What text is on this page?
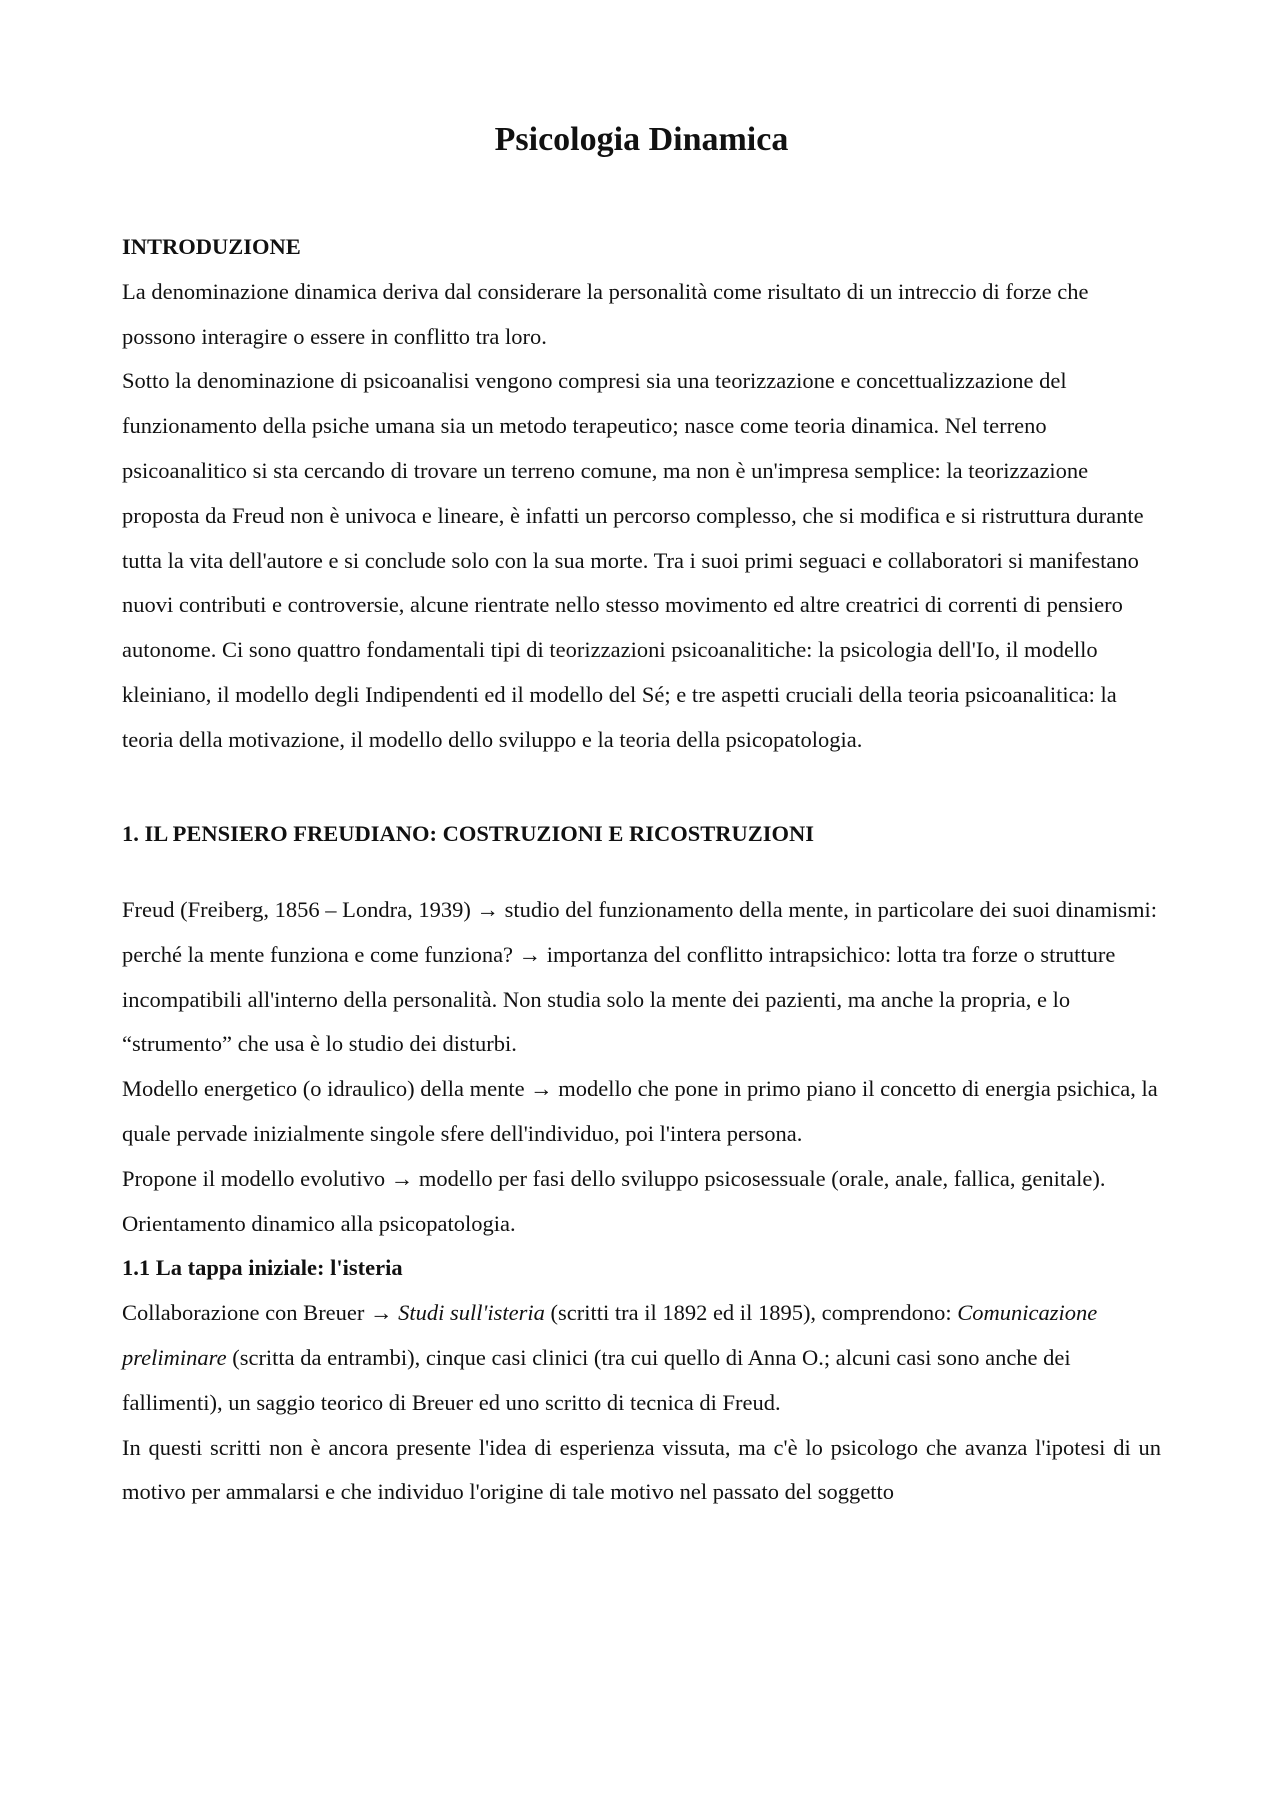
Psicologia Dinamica

INTRODUZIONE

La denominazione dinamica deriva dal considerare la personalità come risultato di un intreccio di forze che possono interagire o essere in conflitto tra loro.

Sotto la denominazione di psicoanalisi vengono compresi sia una teorizzazione e concettualizzazione del funzionamento della psiche umana sia un metodo terapeutico; nasce come teoria dinamica. Nel terreno psicoanalitico si sta cercando di trovare un terreno comune, ma non è un'impresa semplice: la teorizzazione proposta da Freud non è univoca e lineare, è infatti un percorso complesso, che si modifica e si ristruttura durante tutta la vita dell'autore e si conclude solo con la sua morte. Tra i suoi primi seguaci e collaboratori si manifestano nuovi contributi e controversie, alcune rientrate nello stesso movimento ed altre creatrici di correnti di pensiero autonome. Ci sono quattro fondamentali tipi di teorizzazioni psicoanalitiche: la psicologia dell'Io, il modello kleiniano, il modello degli Indipendenti ed il modello del Sé; e tre aspetti cruciali della teoria psicoanalitica: la teoria della motivazione, il modello dello sviluppo e la teoria della psicopatologia.

1. IL PENSIERO FREUDIANO: COSTRUZIONI E RICOSTRUZIONI

Freud (Freiberg, 1856 – Londra, 1939) → studio del funzionamento della mente, in particolare dei suoi dinamismi: perché la mente funziona e come funziona? → importanza del conflitto intrapsichico: lotta tra forze o strutture incompatibili all'interno della personalità. Non studia solo la mente dei pazienti, ma anche la propria, e lo “strumento” che usa è lo studio dei disturbi.

Modello energetico (o idraulico) della mente → modello che pone in primo piano il concetto di energia psichica, la quale pervade inizialmente singole sfere dell'individuo, poi l'intera persona.

Propone il modello evolutivo → modello per fasi dello sviluppo psicosessuale (orale, anale, fallica, genitale).

Orientamento dinamico alla psicopatologia.

1.1 La tappa iniziale: l'isteria

Collaborazione con Breuer → Studi sull'isteria (scritti tra il 1892 ed il 1895), comprendono: Comunicazione preliminare (scritta da entrambi), cinque casi clinici (tra cui quello di Anna O.; alcuni casi sono anche dei fallimenti), un saggio teorico di Breuer ed uno scritto di tecnica di Freud.

In questi scritti non è ancora presente l'idea di esperienza vissuta, ma c'è lo psicologo che avanza l'ipotesi di un motivo per ammalarsi e che individuo l'origine di tale motivo nel passato del soggetto
